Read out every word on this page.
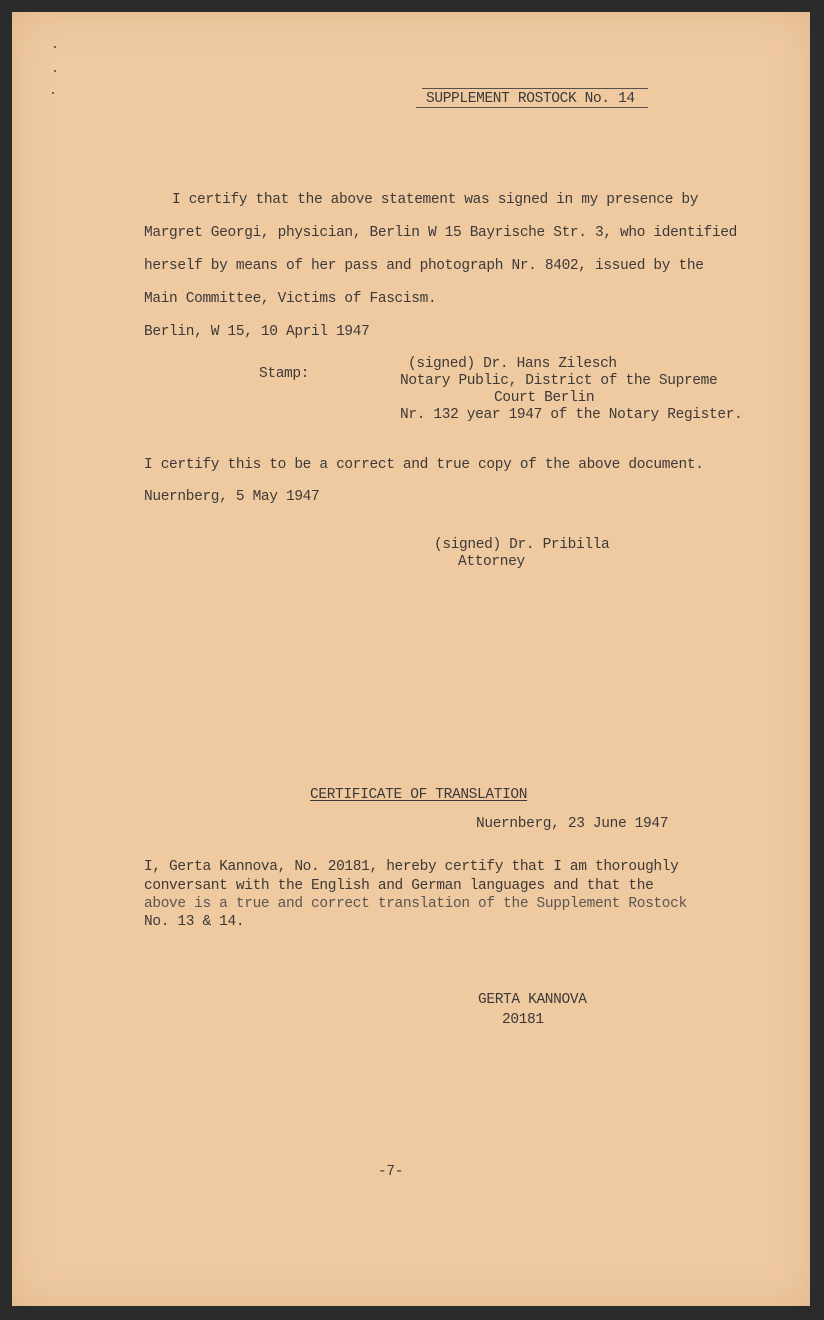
SUPPLEMENT ROSTOCK No. 14
I certify that the above statement was signed in my presence by
Margret Georgi, physician, Berlin W 15 Bayrische Str. 3, who identified
herself by means of her pass and photograph Nr. 8402, issued by the
Main Committee, Victims of Fascism.
Berlin, W 15, 10 April 1947
Stamp:
(signed) Dr. Hans Zilesch
Notary Public, District of the Supreme
Court Berlin
Nr. 132 year 1947 of the Notary Register.
I certify this to be a correct and true copy of the above document.
Nuernberg, 5 May 1947
(signed) Dr. Pribilla
Attorney
CERTIFICATE OF TRANSLATION
Nuernberg, 23 June 1947
I, Gerta Kannova, No. 20181, hereby certify that I am thoroughly
conversant with the English and German languages and that the
above is a true and correct translation of the Supplement Rostock
No. 13 & 14.
GERTA KANNOVA
20181
-7-
